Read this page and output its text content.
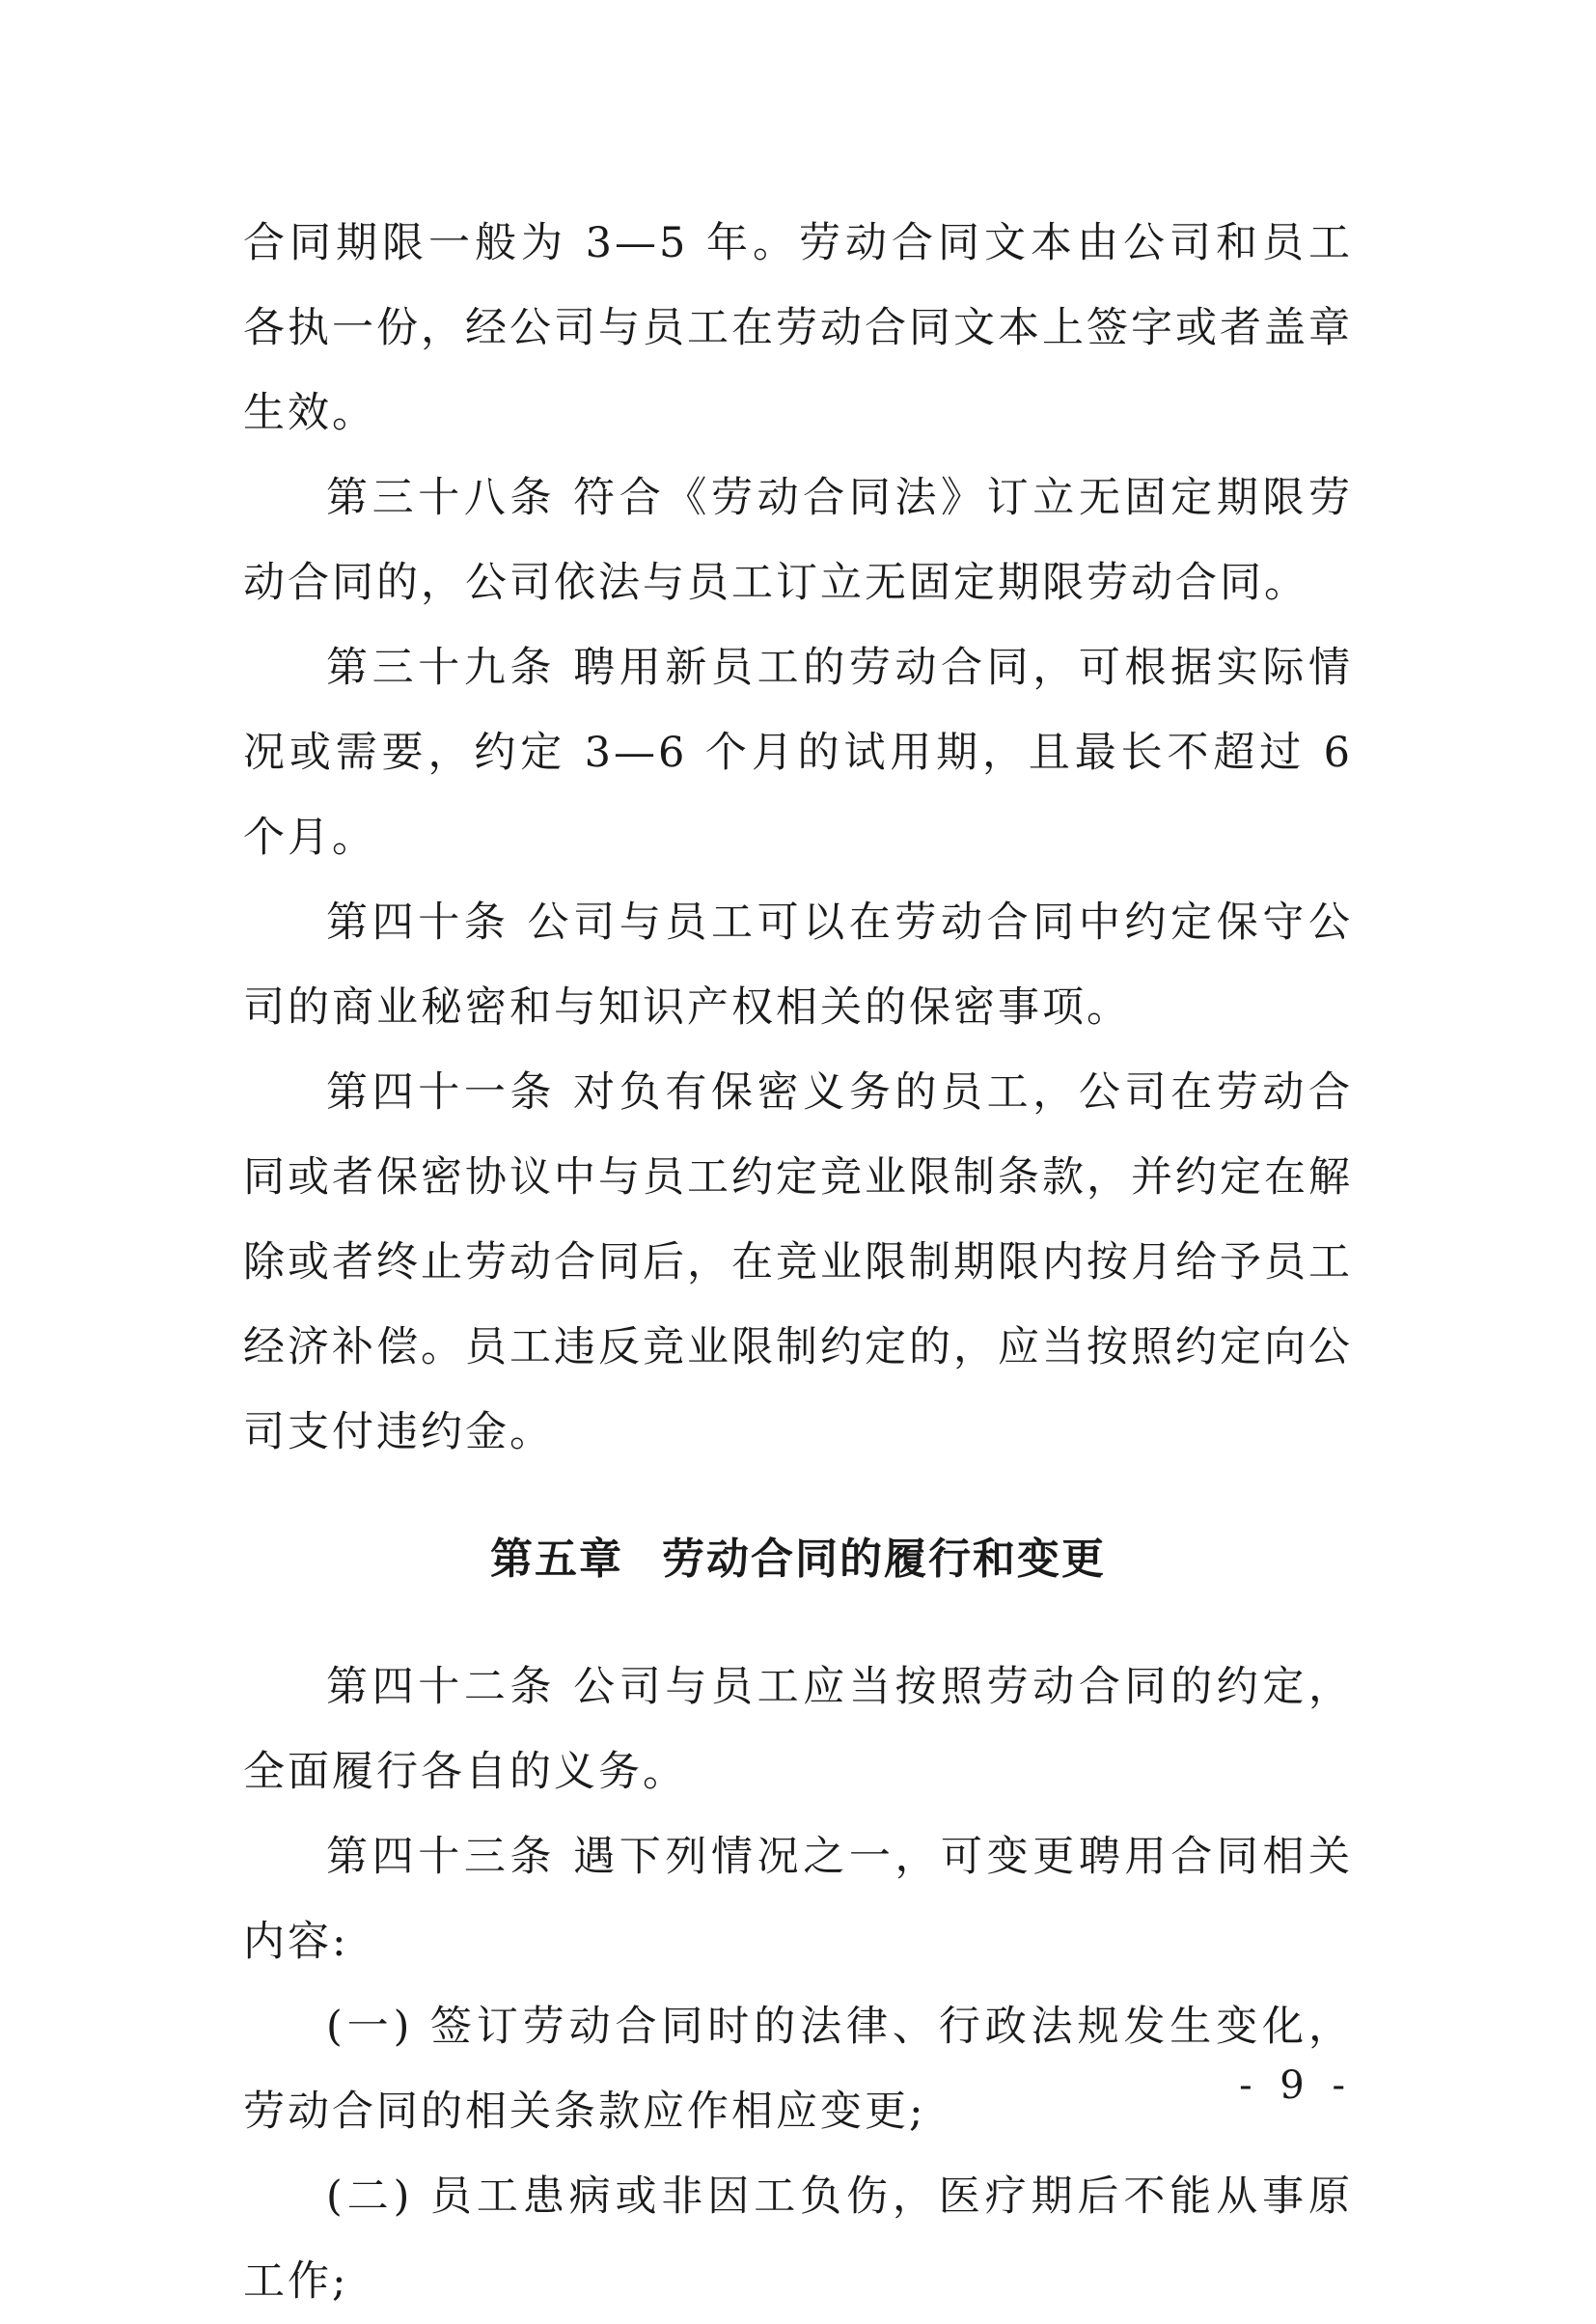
合同期限一般为 3—5 年。劳动合同文本由公司和员工各执一份，经公司与员工在劳动合同文本上签字或者盖章生效。

第三十八条 符合《劳动合同法》订立无固定期限劳动合同的，公司依法与员工订立无固定期限劳动合同。

第三十九条 聘用新员工的劳动合同，可根据实际情况或需要，约定 3—6 个月的试用期，且最长不超过 6 个月。

第四十条 公司与员工可以在劳动合同中约定保守公司的商业秘密和与知识产权相关的保密事项。

第四十一条 对负有保密义务的员工，公司在劳动合同或者保密协议中与员工约定竞业限制条款，并约定在解除或者终止劳动合同后，在竞业限制期限内按月给予员工经济补偿。员工违反竞业限制约定的，应当按照约定向公司支付违约金。

第五章 劳动合同的履行和变更

第四十二条 公司与员工应当按照劳动合同的约定，全面履行各自的义务。

第四十三条 遇下列情况之一，可变更聘用合同相关内容:

(一) 签订劳动合同时的法律、行政法规发生变化，劳动合同的相关条款应作相应变更;

(二) 员工患病或非因工负伤，医疗期后不能从事原工作;

- 9 -
